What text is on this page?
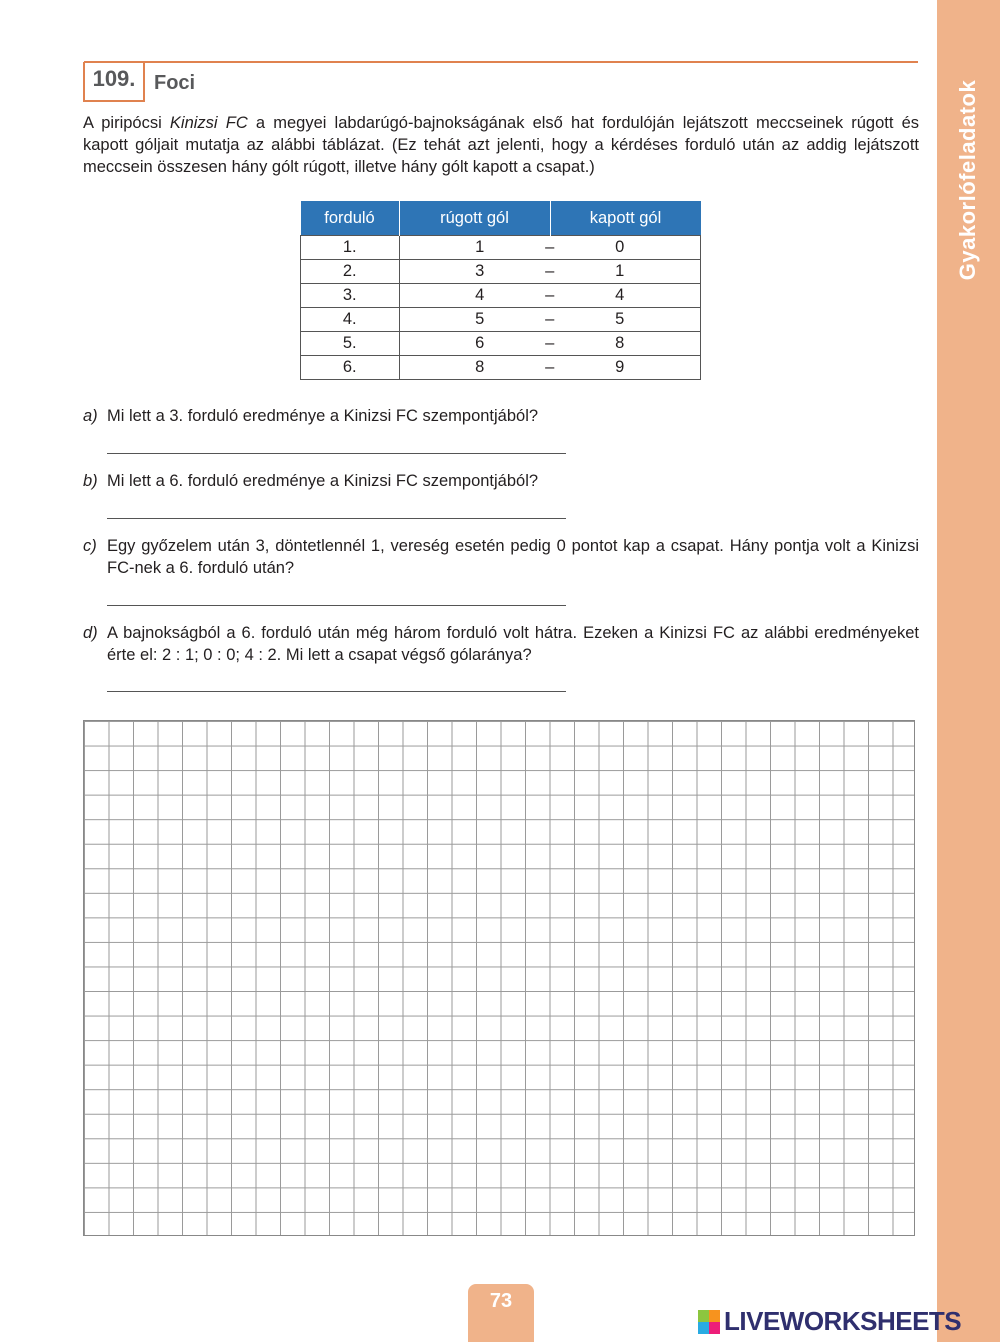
Gyakorlófeladatok
109. Foci
A piripócsi Kinizsi FC a megyei labdarúgó-bajnokságának első hat fordulóján lejátszott meccseinek rúgott és kapott góljait mutatja az alábbi táblázat. (Ez tehát azt jelenti, hogy a kérdéses forduló után az addig lejátszott meccsein összesen hány gólt rúgott, illetve hány gólt kapott a csapat.)
forduló	rúgott gól	kapott gól
1.	1 – 0	

2.	3 – 1	

3.	4 – 4	

4.	5 – 5	

5.	6 – 8	

6.	8 – 9	
a) Mi lett a 3. forduló eredménye a Kinizsi FC szempontjából?
b) Mi lett a 6. forduló eredménye a Kinizsi FC szempontjából?
c) Egy győzelem után 3, döntetlennél 1, vereség esetén pedig 0 pontot kap a csapat. Hány pontja volt a Kinizsi FC-nek a 6. forduló után?
d) A bajnokságból a 6. forduló után még három forduló volt hátra. Ezeken a Kinizsi FC az alábbi eredményeket érte el: 2 : 1; 0 : 0; 4 : 2. Mi lett a csapat végső gólaránya?
73
LIVEWORKSHEETS
